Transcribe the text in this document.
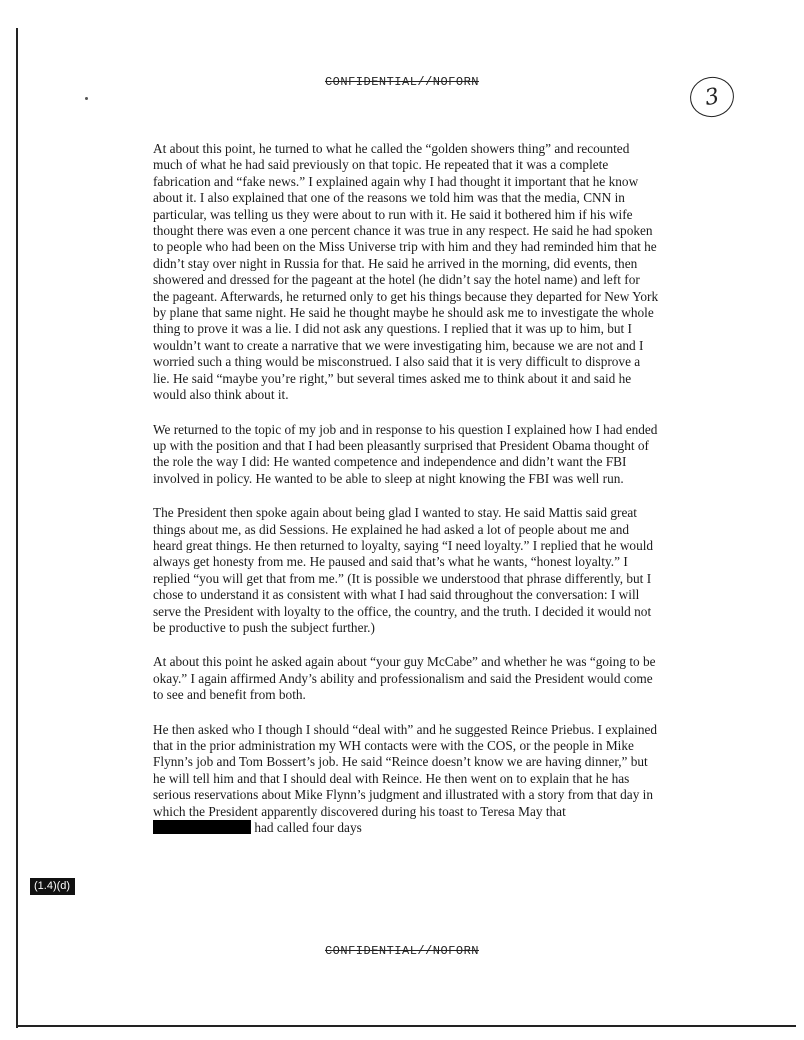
CONFIDENTIAL//NOFORN
3

At about this point, he turned to what he called the “golden showers thing” and recounted much of what he had said previously on that topic. He repeated that it was a complete fabrication and “fake news.” I explained again why I had thought it important that he know about it. I also explained that one of the reasons we told him was that the media, CNN in particular, was telling us they were about to run with it. He said it bothered him if his wife thought there was even a one percent chance it was true in any respect. He said he had spoken to people who had been on the Miss Universe trip with him and they had reminded him that he didn’t stay over night in Russia for that. He said he arrived in the morning, did events, then showered and dressed for the pageant at the hotel (he didn’t say the hotel name) and left for the pageant. Afterwards, he returned only to get his things because they departed for New York by plane that same night. He said he thought maybe he should ask me to investigate the whole thing to prove it was a lie. I did not ask any questions. I replied that it was up to him, but I wouldn’t want to create a narrative that we were investigating him, because we are not and I worried such a thing would be misconstrued. I also said that it is very difficult to disprove a lie. He said “maybe you’re right,” but several times asked me to think about it and said he would also think about it.

We returned to the topic of my job and in response to his question I explained how I had ended up with the position and that I had been pleasantly surprised that President Obama thought of the role the way I did: He wanted competence and independence and didn’t want the FBI involved in policy. He wanted to be able to sleep at night knowing the FBI was well run.

The President then spoke again about being glad I wanted to stay. He said Mattis said great things about me, as did Sessions. He explained he had asked a lot of people about me and heard great things. He then returned to loyalty, saying “I need loyalty.” I replied that he would always get honesty from me. He paused and said that’s what he wants, “honest loyalty.” I replied “you will get that from me.” (It is possible we understood that phrase differently, but I chose to understand it as consistent with what I had said throughout the conversation: I will serve the President with loyalty to the office, the country, and the truth. I decided it would not be productive to push the subject further.)

At about this point he asked again about “your guy McCabe” and whether he was “going to be okay.” I again affirmed Andy’s ability and professionalism and said the President would come to see and benefit from both.

He then asked who I though I should “deal with” and he suggested Reince Priebus. I explained that in the prior administration my WH contacts were with the COS, or the people in Mike Flynn’s job and Tom Bossert’s job. He said “Reince doesn’t know we are having dinner,” but he will tell him and that I should deal with Reince. He then went on to explain that he has serious reservations about Mike Flynn’s judgment and illustrated with a story from that day in which the President apparently discovered during his toast to Teresa May that  had called four days

(1.4)(d)
CONFIDENTIAL//NOFORN
